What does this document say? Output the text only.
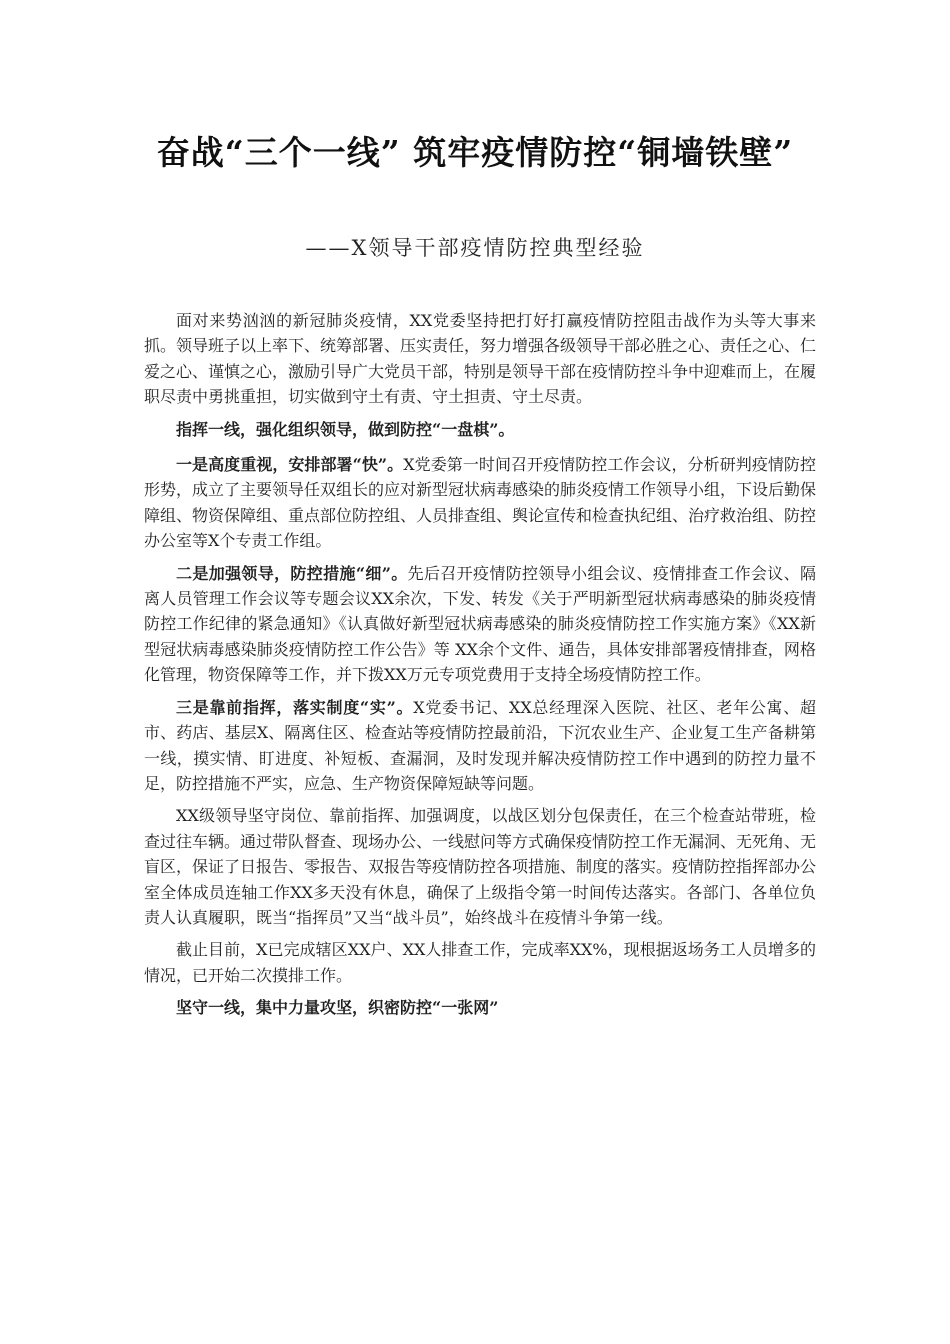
奋战“三个一线” 筑牢疫情防控“铜墙铁壁”
——X领导干部疫情防控典型经验

面对来势汹汹的新冠肺炎疫情，XX党委坚持把打好打赢疫情防控阻击战作为头等大事来抓。领导班子以上率下、统筹部署、压实责任，努力增强各级领导干部必胜之心、责任之心、仁爱之心、谨慎之心，激励引导广大党员干部，特别是领导干部在疫情防控斗争中迎难而上，在履职尽责中勇挑重担，切实做到守土有责、守土担责、守土尽责。

指挥一线，强化组织领导，做到防控“一盘棋”。

一是高度重视，安排部署“快”。X党委第一时间召开疫情防控工作会议，分析研判疫情防控形势，成立了主要领导任双组长的应对新型冠状病毒感染的肺炎疫情工作领导小组，下设后勤保障组、物资保障组、重点部位防控组、人员排查组、舆论宣传和检查执纪组、治疗救治组、防控办公室等X个专责工作组。

二是加强领导，防控措施“细”。先后召开疫情防控领导小组会议、疫情排查工作会议、隔离人员管理工作会议等专题会议XX余次，下发、转发《关于严明新型冠状病毒感染的肺炎疫情防控工作纪律的紧急通知》《认真做好新型冠状病毒感染的肺炎疫情防控工作实施方案》《XX新型冠状病毒感染肺炎疫情防控工作公告》等 XX余个文件、通告，具体安排部署疫情排查，网格化管理，物资保障等工作，并下拨XX万元专项党费用于支持全场疫情防控工作。

三是靠前指挥，落实制度“实”。X党委书记、XX总经理深入医院、社区、老年公寓、超市、药店、基层X、隔离住区、检查站等疫情防控最前沿，下沉农业生产、企业复工生产备耕第一线，摸实情、盯进度、补短板、查漏洞，及时发现并解决疫情防控工作中遇到的防控力量不足，防控措施不严实，应急、生产物资保障短缺等问题。

XX级领导坚守岗位、靠前指挥、加强调度，以战区划分包保责任，在三个检查站带班，检查过往车辆。通过带队督查、现场办公、一线慰问等方式确保疫情防控工作无漏洞、无死角、无盲区，保证了日报告、零报告、双报告等疫情防控各项措施、制度的落实。疫情防控指挥部办公室全体成员连轴工作XX多天没有休息，确保了上级指令第一时间传达落实。各部门、各单位负责人认真履职，既当“指挥员”又当“战斗员”，始终战斗在疫情斗争第一线。

截止目前，X已完成辖区XX户、XX人排查工作，完成率XX%，现根据返场务工人员增多的情况，已开始二次摸排工作。

坚守一线，集中力量攻坚，织密防控“一张网”
